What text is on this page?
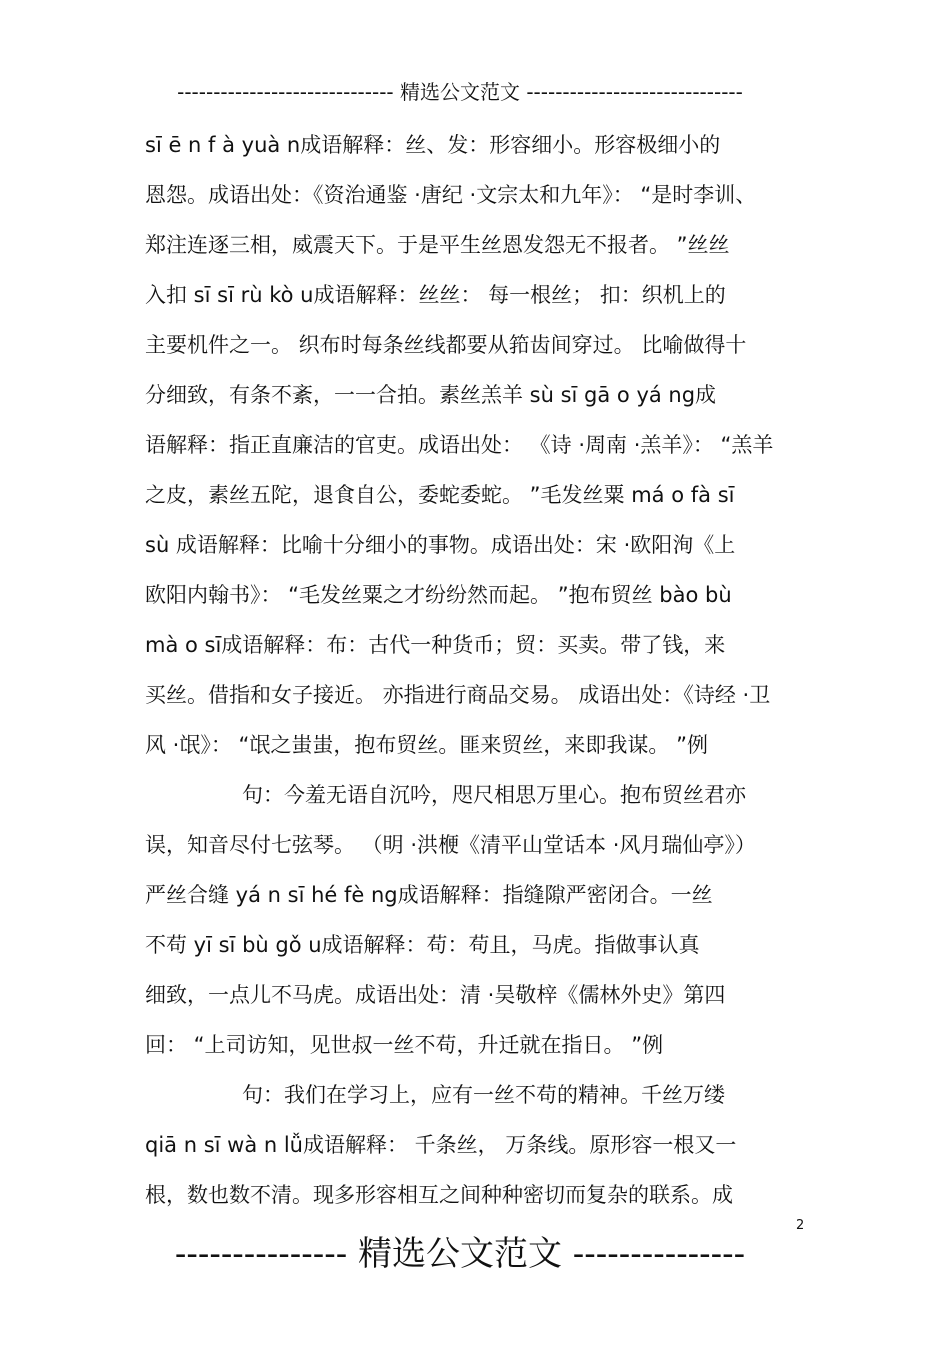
------------------------------ 精选公文范文 ------------------------------
sī ē n f à yuà n成语解释：丝、发：形容细小。形容极细小的
恩怨。成语出处：《资治通鉴 ·唐纪 ·文宗太和九年》： “是时李训、
郑注连逐三相，威震天下。于是平生丝恩发怨无不报者。 ”丝丝
入扣 sī sī rù kò u成语解释：丝丝： 每一根丝； 扣：织机上的
主要机件之一。 织布时每条丝线都要从筘齿间穿过。 比喻做得十
分细致，有条不紊，一一合拍。素丝羔羊 sù sī gā o yá ng成
语解释：指正直廉洁的官吏。成语出处： 《诗 ·周南 ·羔羊》： “羔羊
之皮，素丝五陀，退食自公，委蛇委蛇。 ”毛发丝粟 má o fà sī
sù 成语解释：比喻十分细小的事物。成语出处：宋 ·欧阳洵《上
欧阳内翰书》： “毛发丝粟之才纷纷然而起。 ”抱布贸丝 bào bù
mà o sī成语解释：布：古代一种货币；贸：买卖。带了钱，来
买丝。借指和女子接近。 亦指进行商品交易。 成语出处：《诗经 ·卫
风 ·氓》： “氓之蚩蚩，抱布贸丝。匪来贸丝，来即我谋。 ”例
句：今羞无语自沉吟，咫尺相思万里心。抱布贸丝君亦
误，知音尽付七弦琴。 （明 ·洪楩《清平山堂话本 ·风月瑞仙亭》）
严丝合缝 yá n sī hé fè ng成语解释：指缝隙严密闭合。一丝
不苟 yī sī bù gǒ u成语解释：苟：苟且，马虎。指做事认真
细致，一点儿不马虎。成语出处：清 ·吴敬梓《儒林外史》第四
回： “上司访知，见世叔一丝不苟，升迁就在指日。 ”例
句：我们在学习上，应有一丝不苟的精神。千丝万缕
qiā n sī wà n lǚ成语解释： 千条丝， 万条线。原形容一根又一
根，数也数不清。现多形容相互之间种种密切而复杂的联系。成
2
--------------- 精选公文范文 ---------------
